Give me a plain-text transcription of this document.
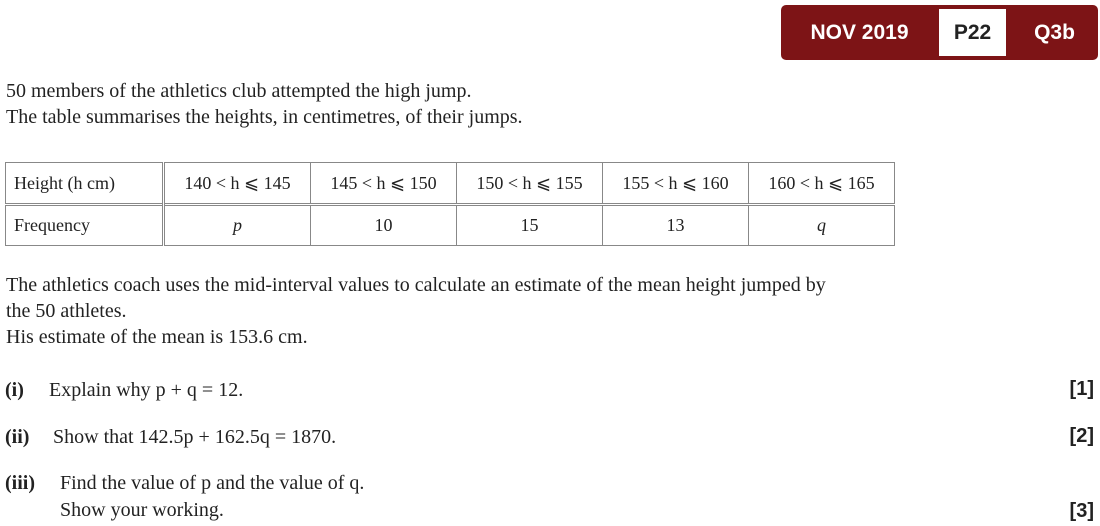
NOV 2019	P22	Q3b
50 members of the athletics club attempted the high jump.
The table summarises the heights, in centimetres, of their jumps.
Height (h cm)	140 < h ⩽ 145	145 < h ⩽ 150	150 < h ⩽ 155	155 < h ⩽ 160	160 < h ⩽ 165
Frequency	p	10	15	13	q
The athletics coach uses the mid-interval values to calculate an estimate of the mean height jumped by
the 50 athletes.
His estimate of the mean is 153.6 cm.
(i) Explain why p + q = 12.	[1]
(ii) Show that 142.5p + 162.5q = 1870.	[2]
(iii) Find the value of p and the value of q.
Show your working.	[3]
